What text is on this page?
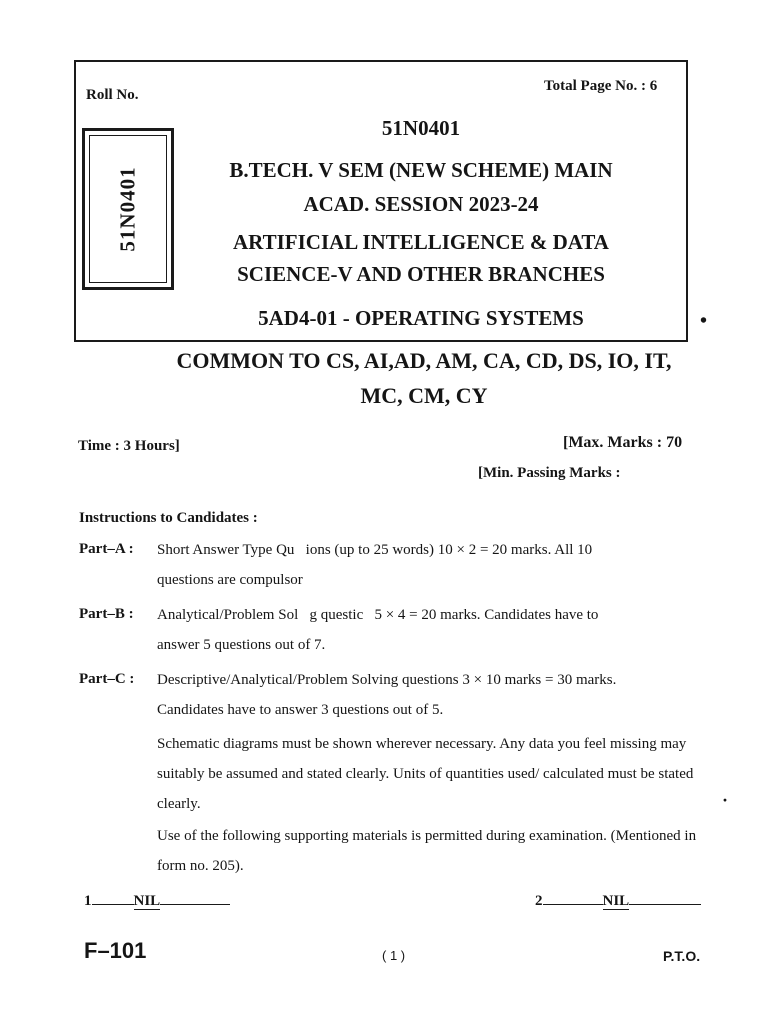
Roll No.
Total Page No. : 6
51N0401
51N0401
B.TECH. V SEM (NEW SCHEME) MAIN
ACAD. SESSION 2023-24
ARTIFICIAL INTELLIGENCE & DATA
SCIENCE-V AND OTHER BRANCHES
5AD4-01 - OPERATING SYSTEMS	•
COMMON TO CS, AI,AD, AM, CA, CD, DS, IO, IT,
MC, CM, CY
Time : 3 Hours]	[Max. Marks : 70
[Min. Passing Marks :
Instructions to Candidates :
Part–A : Short Answer Type Qu   ions (up to 25 words) 10 × 2 = 20 marks. All 10
questions are compulsor
Part–B : Analytical/Problem Sol   g questic   5 × 4 = 20 marks. Candidates have to
answer 5 questions out of 7.
Part–C : Descriptive/Analytical/Problem Solving questions 3 × 10 marks = 30 marks.
Candidates have to answer 3 questions out of 5.
Schematic diagrams must be shown wherever necessary. Any data you feel missing may suitably be assumed and stated clearly. Units of quantities used/ calculated must be stated clearly.	·
Use of the following supporting materials is permitted during examination. (Mentioned in form no. 205).
1	NIL	2	NIL
F–101	( 1 )	P.T.O.
